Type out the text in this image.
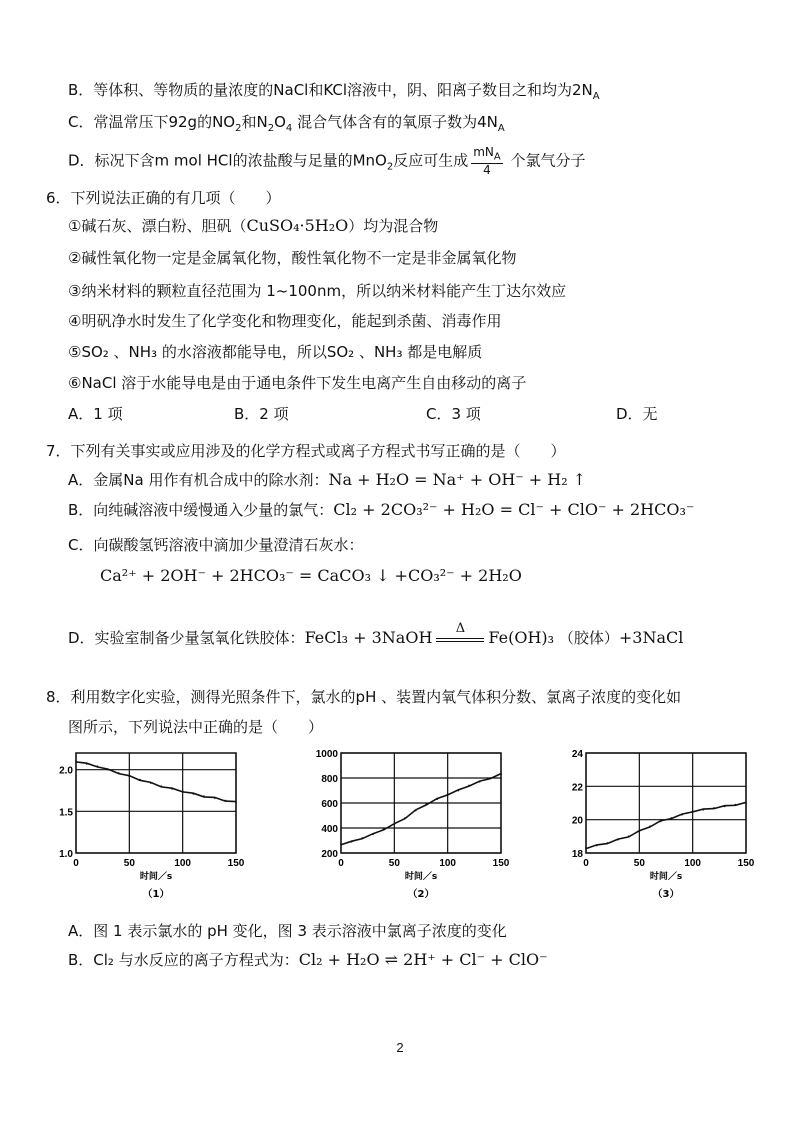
B．等体积、等物质的量浓度的NaCl和KCl溶液中，阴、阳离子数目之和均为$2N_A$
C．常温常压下92g的$NO_2$和$N_2O_4$ 混合气体含有的氧原子数为$4N_A$
D．标况下含m mol HCl的浓盐酸与足量的MnO$_2$反应可生成 $\frac{mN_A}{4}$ 个氯气分子
6．下列说法正确的有几项（　　）
①碱石灰、漂白粉、胆矾（CuSO₄·5H₂O）均为混合物
②碱性氧化物一定是金属氧化物，酸性氧化物不一定是非金属氧化物
③纳米材料的颗粒直径范围为 1~100nm，所以纳米材料能产生丁达尔效应
④明矾净水时发生了化学变化和物理变化，能起到杀菌、消毒作用
⑤SO₂ 、NH₃ 的水溶液都能导电，所以SO₂ 、NH₃ 都是电解质
⑥NaCl 溶于水能导电是由于通电条件下发生电离产生自由移动的离子
A．1 项	B．2 项	C．3 项	D．无
7．下列有关事实或应用涉及的化学方程式或离子方程式书写正确的是（　　）
A．金属Na 用作有机合成中的除水剂：Na + H₂O = Na⁺ + OH⁻ + H₂ ↑
B．向纯碱溶液中缓慢通入少量的氯气：Cl₂ + 2CO₃²⁻ + H₂O = Cl⁻ + ClO⁻ + 2HCO₃⁻
C．向碳酸氢钙溶液中滴加少量澄清石灰水：
Ca²⁺ + 2OH⁻ + 2HCO₃⁻ = CaCO₃ ↓ +CO₃²⁻ + 2H₂O
D．实验室制备少量氢氧化铁胶体：FeCl₃ + 3NaOH	Δ	Fe(OH)₃ （胶体）+3NaCl
8．利用数字化实验，测得光照条件下，氯水的pH 、装置内氧气体积分数、氯离子浓度的变化如
图所示，下列说法中正确的是（　　）
0	50	100	150
1.0
1.5
2.0
时间／s
（1）
0	50	100	150
200
400
600
800
1000
时间／s
（2）
0	50	100	150
18
20
22
24
时间／s
（3）
A．图 1 表示氯水的 pH 变化，图 3 表示溶液中氯离子浓度的变化
B．Cl₂ 与水反应的离子方程式为：Cl₂ + H₂O ⇌ 2H⁺ + Cl⁻ + ClO⁻
2
